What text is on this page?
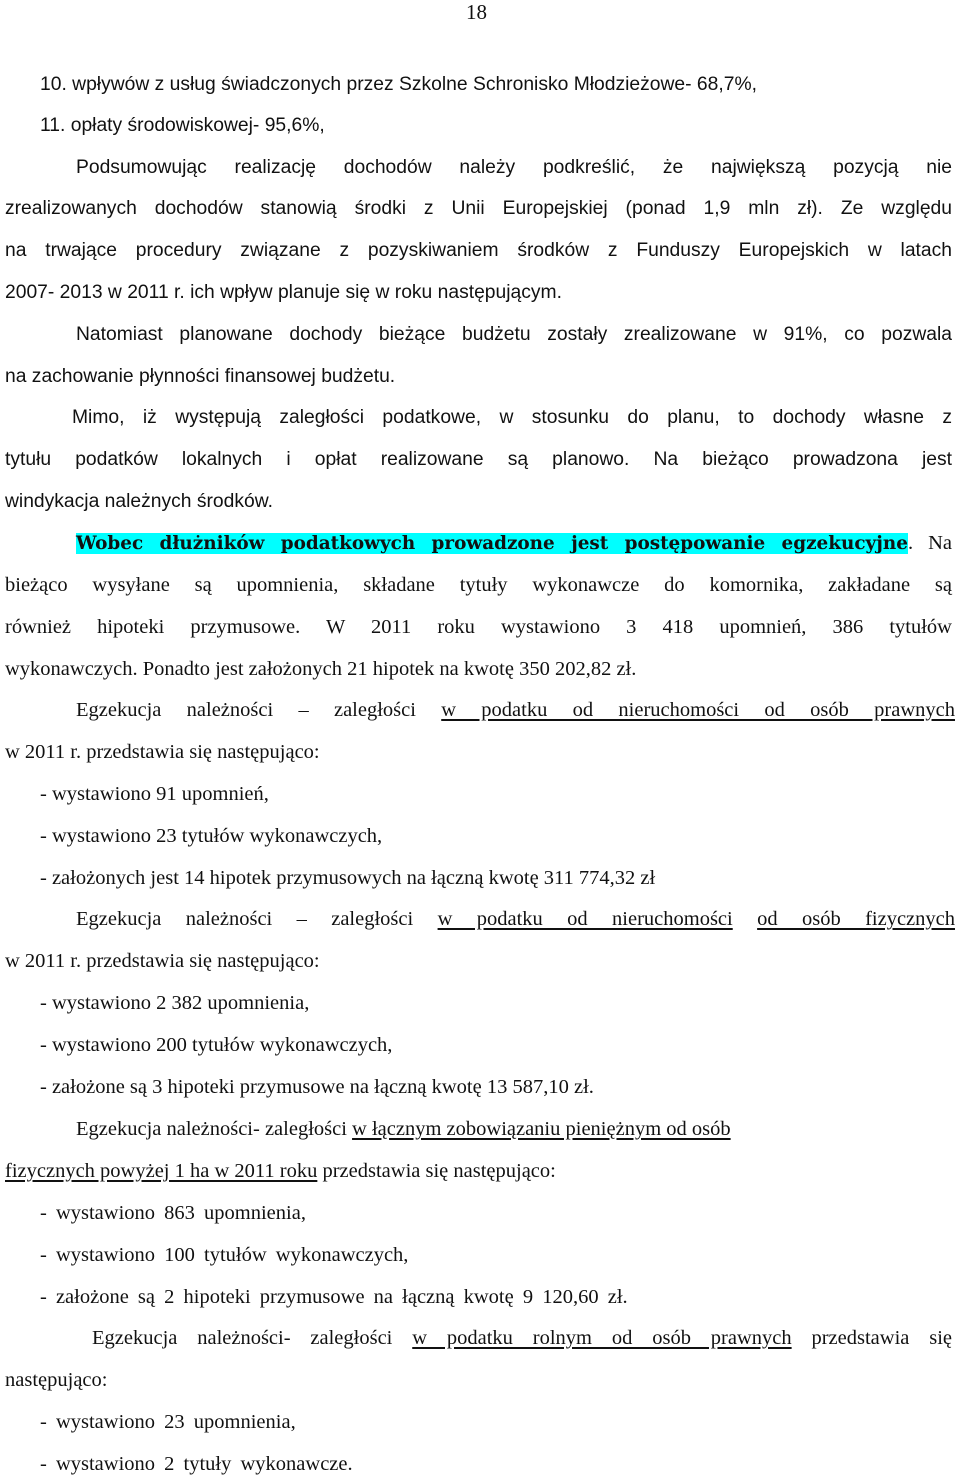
18
10. wpływów z usług świadczonych przez Szkolne Schronisko Młodzieżowe- 68,7%,
11. opłaty środowiskowej- 95,6%,
Podsumowując realizację dochodów należy podkreślić, że największą pozycją nie
zrealizowanych dochodów stanowią środki z Unii Europejskiej (ponad 1,9 mln zł). Ze względu
na trwające procedury związane z pozyskiwaniem środków z Funduszy Europejskich w latach
2007- 2013 w 2011 r. ich wpływ planuje się w roku następującym.
Natomiast planowane dochody bieżące budżetu zostały zrealizowane w 91%, co pozwala
na zachowanie płynności finansowej budżetu.
Mimo, iż występują zaległości podatkowe, w stosunku do planu, to dochody własne z
tytułu podatków lokalnych i opłat realizowane są planowo. Na bieżąco prowadzona jest
windykacja należnych środków.
Wobec dłużników podatkowych prowadzone jest postępowanie egzekucyjne. Na
bieżąco wysyłane są upomnienia, składane tytuły wykonawcze do komornika, zakładane są
również hipoteki przymusowe. W 2011 roku wystawiono 3 418 upomnień, 386 tytułów
wykonawczych. Ponadto jest założonych 21 hipotek na kwotę 350 202,82 zł.
Egzekucja należności – zaległości w podatku od nieruchomości od osób prawnych
w 2011 r. przedstawia się następująco:
- wystawiono 91 upomnień,
- wystawiono 23 tytułów wykonawczych,
- założonych jest 14 hipotek przymusowych na łączną kwotę 311 774,32 zł
Egzekucja należności – zaległości w podatku od nieruchomości od osób fizycznych
w 2011 r. przedstawia się następująco:
- wystawiono 2 382 upomnienia,
- wystawiono 200 tytułów wykonawczych,
- założone są 3 hipoteki przymusowe na łączną kwotę 13 587,10 zł.
Egzekucja należności- zaległości w łącznym zobowiązaniu pieniężnym od osób
fizycznych powyżej 1 ha w 2011 roku przedstawia się następująco:
- wystawiono 863 upomnienia,
- wystawiono 100 tytułów wykonawczych,
- założone są 2 hipoteki przymusowe na łączną kwotę 9 120,60 zł.
Egzekucja należności- zaległości w podatku rolnym od osób prawnych przedstawia się
następująco:
- wystawiono 23 upomnienia,
- wystawiono 2 tytuły wykonawcze.
